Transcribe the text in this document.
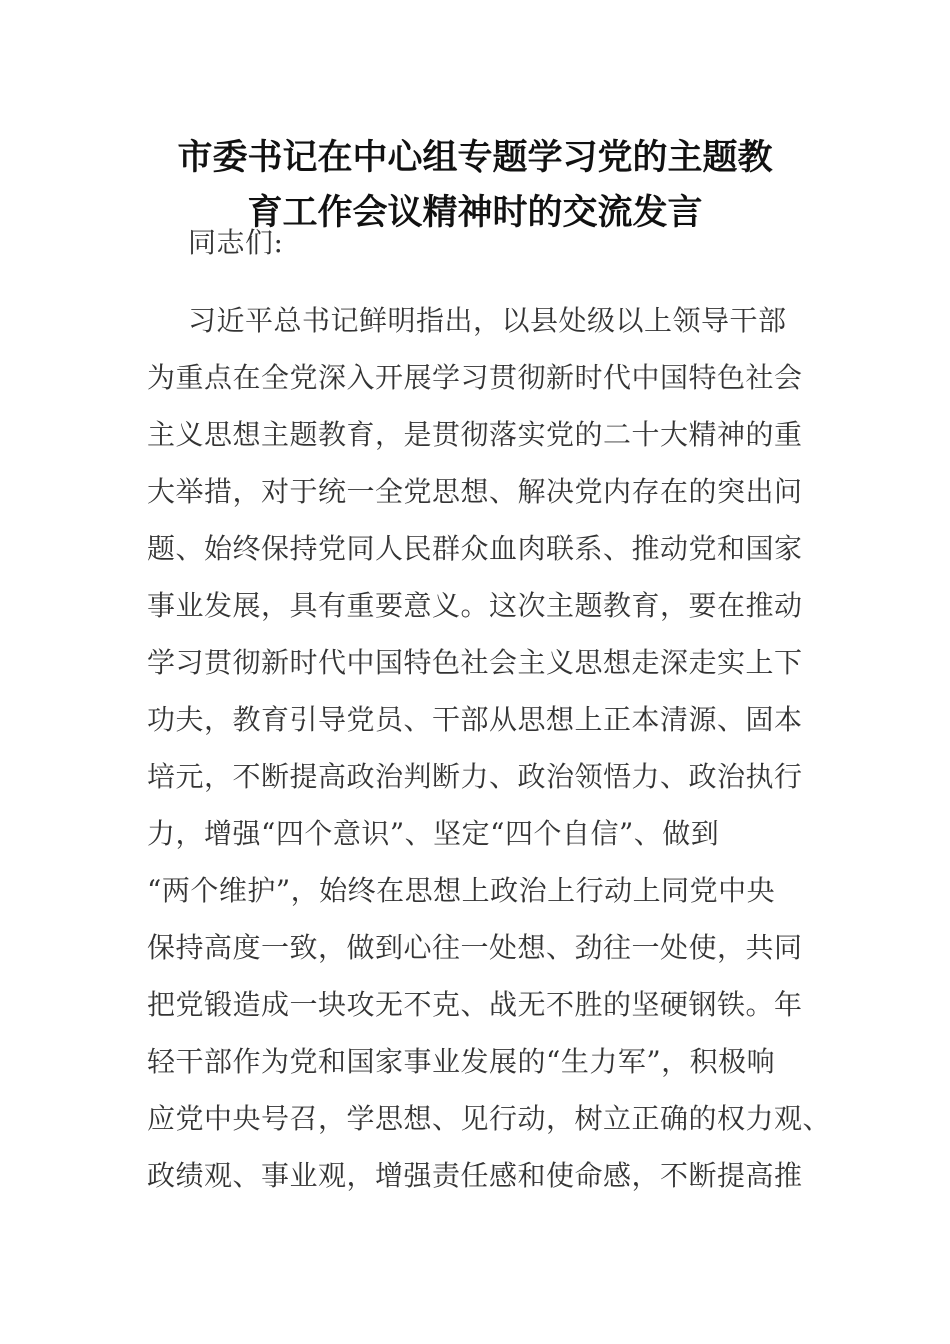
市委书记在中心组专题学习党的主题教
育工作会议精神时的交流发言
同志们:
习近平总书记鲜明指出，以县处级以上领导干部
为重点在全党深入开展学习贯彻新时代中国特色社会
主义思想主题教育，是贯彻落实党的二十大精神的重
大举措，对于统一全党思想、解决党内存在的突出问
题、始终保持党同人民群众血肉联系、推动党和国家
事业发展，具有重要意义。这次主题教育，要在推动
学习贯彻新时代中国特色社会主义思想走深走实上下
功夫，教育引导党员、干部从思想上正本清源、固本
培元，不断提高政治判断力、政治领悟力、政治执行
力，增强“四个意识”、坚定“四个自信”、做到
“两个维护”，始终在思想上政治上行动上同党中央
保持高度一致，做到心往一处想、劲往一处使，共同
把党锻造成一块攻无不克、战无不胜的坚硬钢铁。年
轻干部作为党和国家事业发展的“生力军”，积极响
应党中央号召，学思想、见行动，树立正确的权力观、
政绩观、事业观，增强责任感和使命感，不断提高推
